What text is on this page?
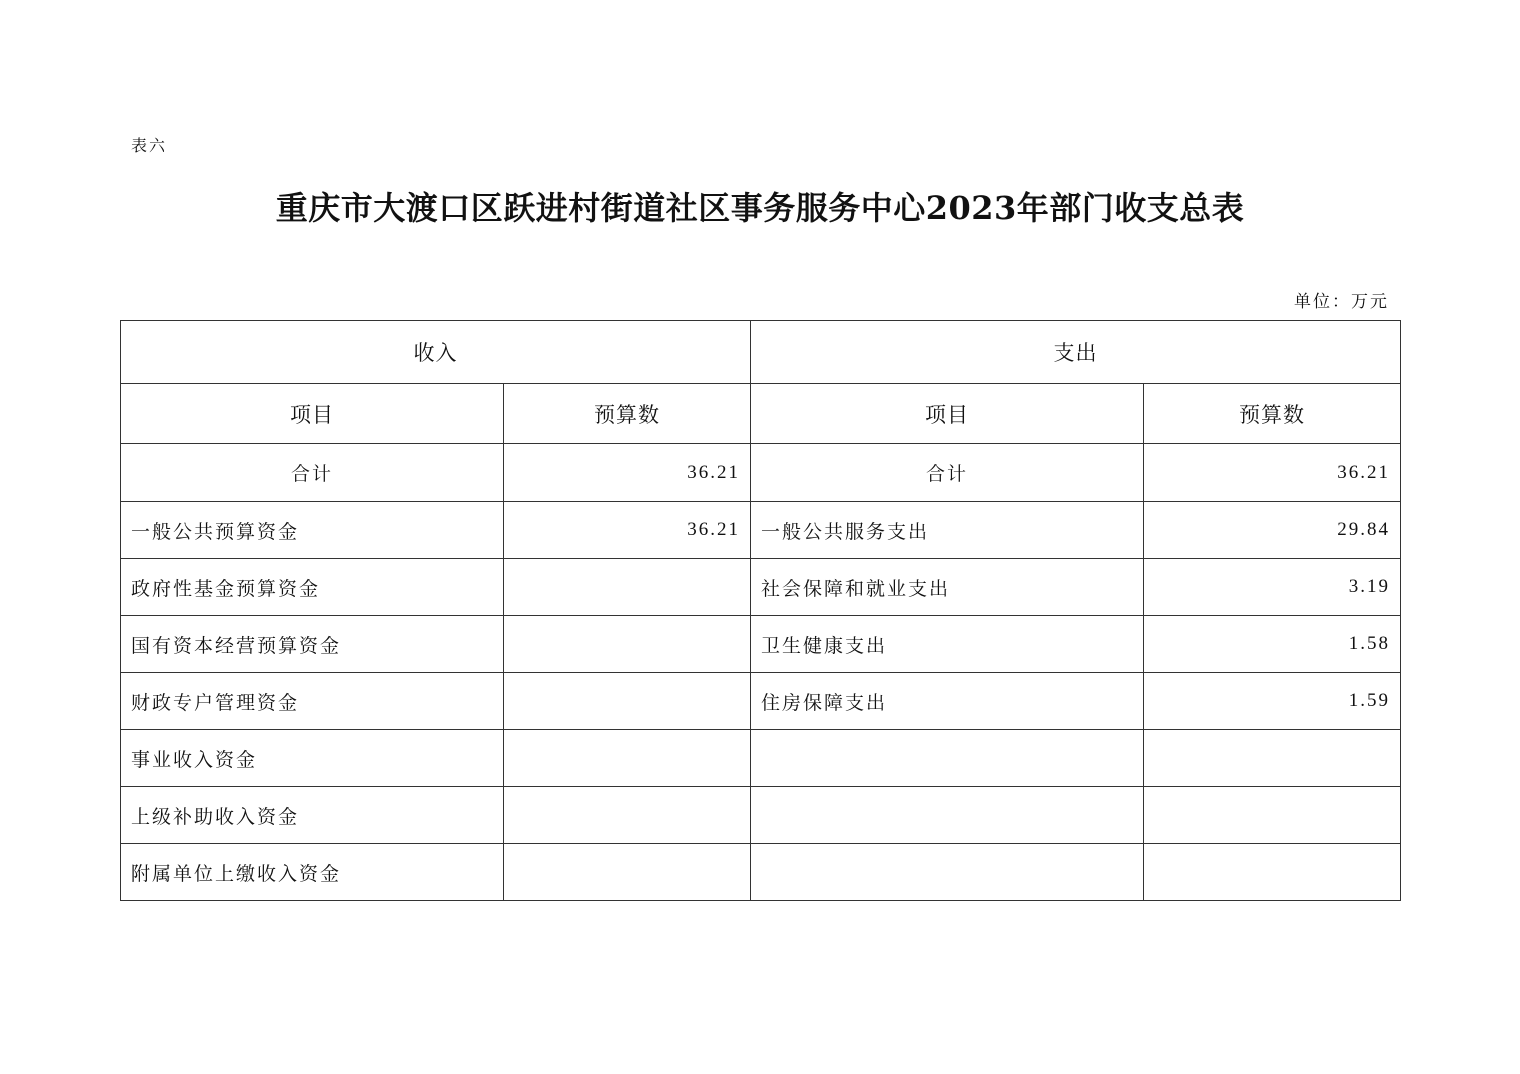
表六
重庆市大渡口区跃进村街道社区事务服务中心2023年部门收支总表
单位：万元
收入		支出	
项目	预算数	项目	预算数
合计	36.21	合计	36.21
一般公共预算资金	36.21	一般公共服务支出	29.84
政府性基金预算资金		社会保障和就业支出	3.19
国有资本经营预算资金		卫生健康支出	1.58
财政专户管理资金		住房保障支出	1.59
事业收入资金			
上级补助收入资金			
附属单位上缴收入资金			
